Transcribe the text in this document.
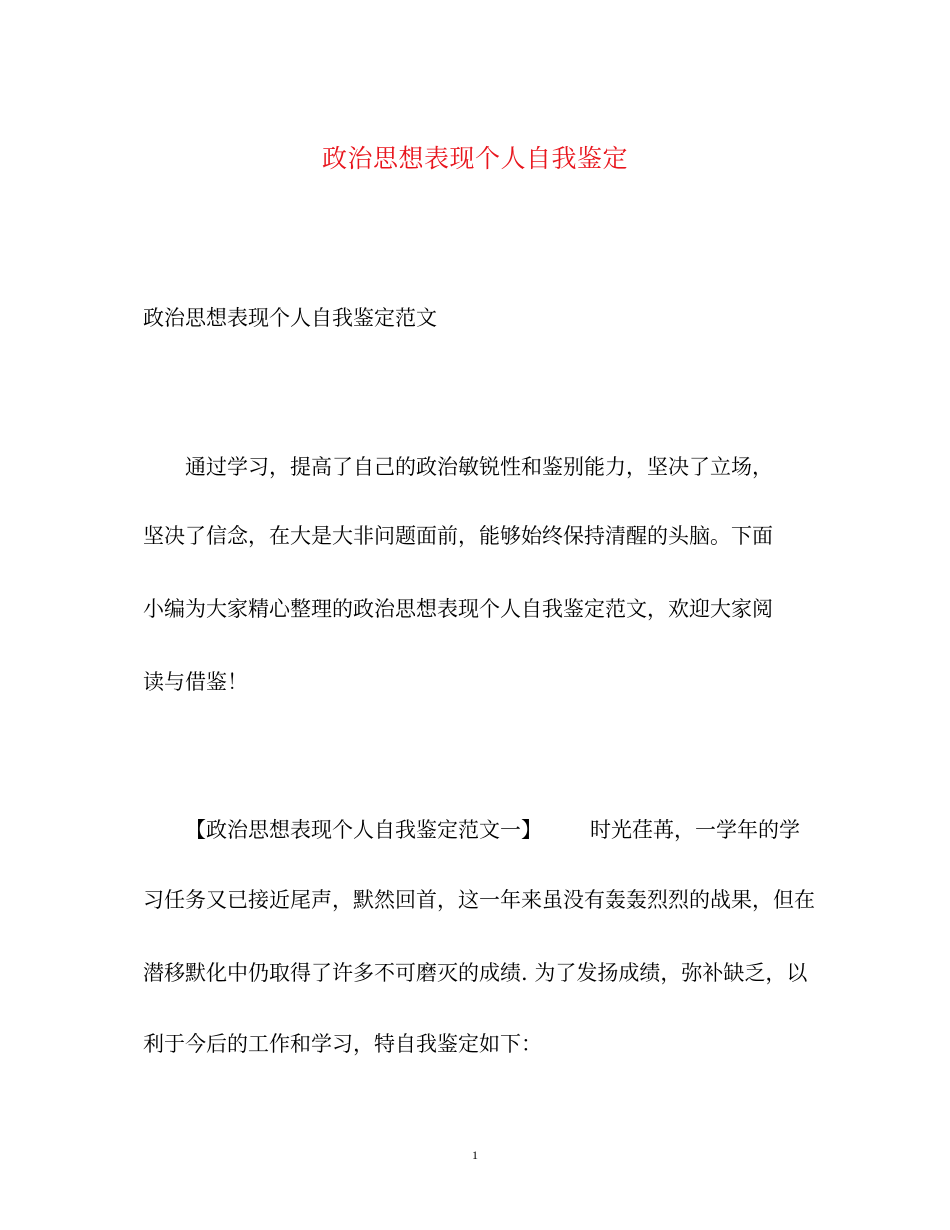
政治思想表现个人自我鉴定
政治思想表现个人自我鉴定范文
通过学习，提高了自己的政治敏锐性和鉴别能力，坚决了立场，
坚决了信念，在大是大非问题面前，能够始终保持清醒的头脑。下面
小编为大家精心整理的政治思想表现个人自我鉴定范文，欢迎大家阅
读与借鉴！
【政治思想表现个人自我鉴定范文一】 时光荏苒，一学年的学
习任务又已接近尾声，默然回首，这一年来虽没有轰轰烈烈的战果，但在
潜移默化中仍取得了许多不可磨灭的成绩. 为了发扬成绩，弥补缺乏，以
利于今后的工作和学习，特自我鉴定如下：
1
